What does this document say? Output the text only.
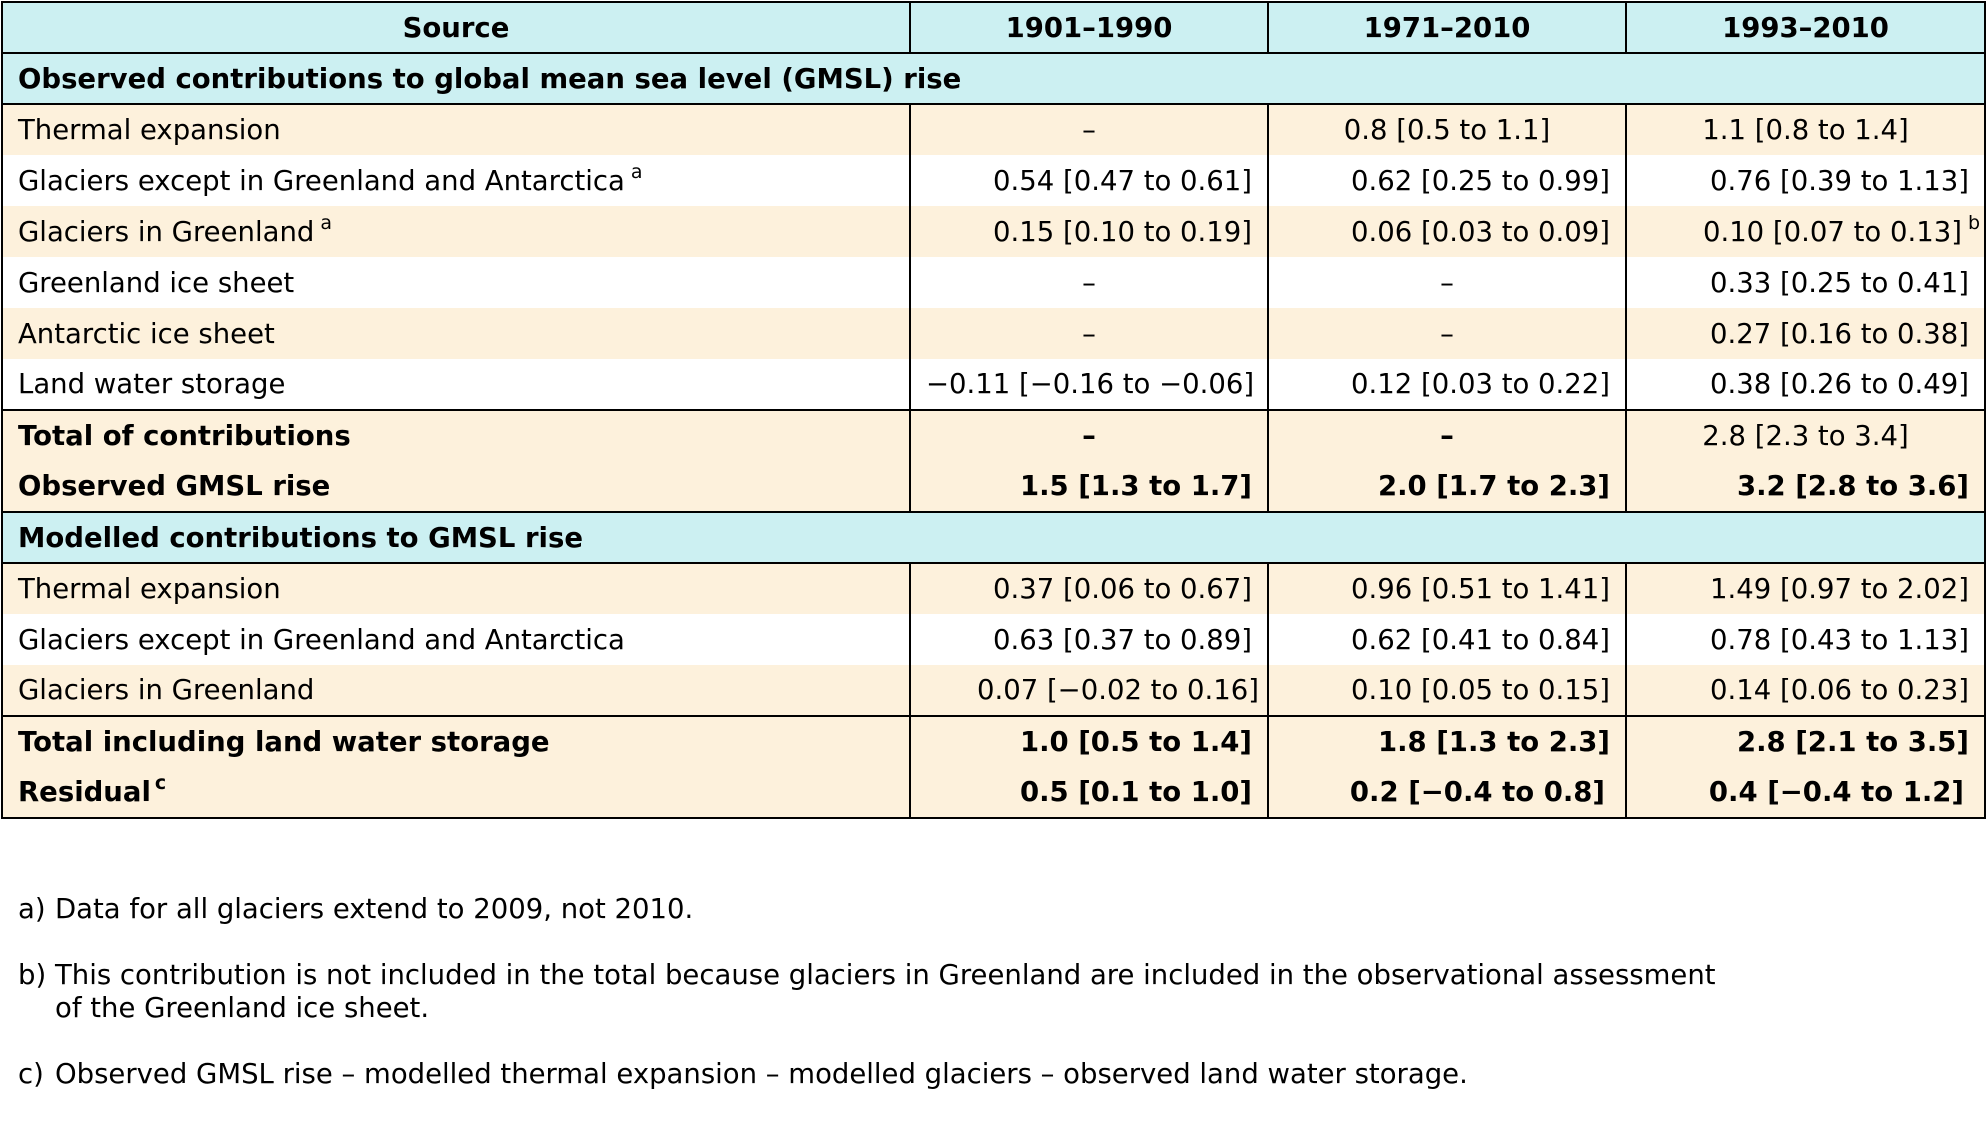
Source	1901–1990	1971–2010	1993–2010
Observed contributions to global mean sea level (GMSL) rise			
Thermal expansion	–	0.8 [0.5 to 1.1]	1.1 [0.8 to 1.4]
Glaciers except in Greenland and Antarctica $^a$	0.54 [0.47 to 0.61]	0.62 [0.25 to 0.99]	0.76 [0.39 to 1.13]
Glaciers in Greenland $^a$	0.15 [0.10 to 0.19]	0.06 [0.03 to 0.09]	0.10 [0.07 to 0.13] $^b$
Greenland ice sheet	–	–	0.33 [0.25 to 0.41]
Antarctic ice sheet	–	–	0.27 [0.16 to 0.38]
Land water storage	−0.11 [−0.16 to −0.06]	0.12 [0.03 to 0.22]	0.38 [0.26 to 0.49]
Total of contributions	–	–	2.8 [2.3 to 3.4]
Observed GMSL rise	1.5 [1.3 to 1.7]	2.0 [1.7 to 2.3]	3.2 [2.8 to 3.6]
Modelled contributions to GMSL rise			
Thermal expansion	0.37 [0.06 to 0.67]	0.96 [0.51 to 1.41]	1.49 [0.97 to 2.02]
Glaciers except in Greenland and Antarctica	0.63 [0.37 to 0.89]	0.62 [0.41 to 0.84]	0.78 [0.43 to 1.13]
Glaciers in Greenland	0.07 [−0.02 to 0.16]	0.10 [0.05 to 0.15]	0.14 [0.06 to 0.23]
Total including land water storage	1.0 [0.5 to 1.4]	1.8 [1.3 to 2.3]	2.8 [2.1 to 3.5]
Residual $^c$	0.5 [0.1 to 1.0]	0.2 [−0.4 to 0.8]	0.4 [−0.4 to 1.2]
a) Data for all glaciers extend to 2009, not 2010.
b) This contribution is not included in the total because glaciers in Greenland are included in the observational assessment of the Greenland ice sheet.
c) Observed GMSL rise – modelled thermal expansion – modelled glaciers – observed land water storage.
